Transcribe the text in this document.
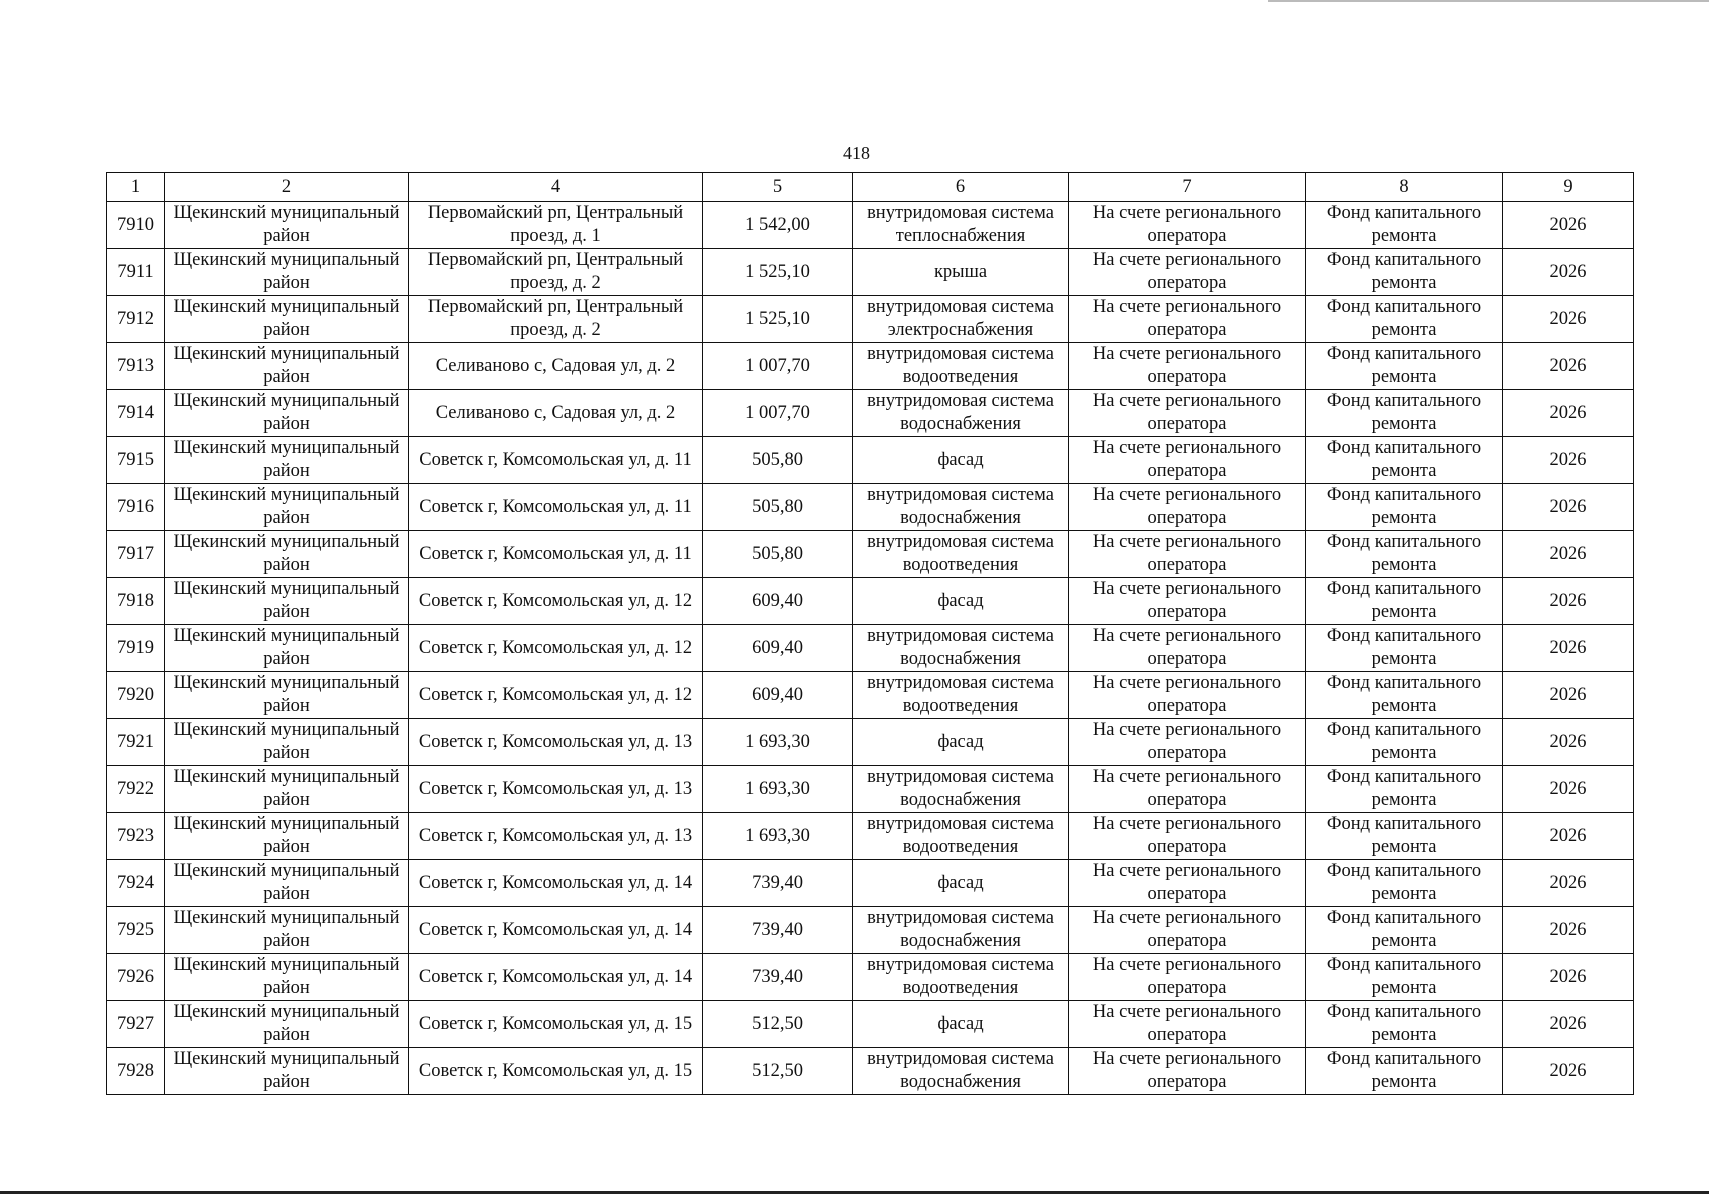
418
1	2	4	5	6	7	8	9
7910	Щекинский муниципальный район	Первомайский рп, Центральный проезд, д. 1	1 542,00	внутридомовая система теплоснабжения	На счете регионального оператора	Фонд капитального ремонта	2026
7911	Щекинский муниципальный район	Первомайский рп, Центральный проезд, д. 2	1 525,10	крыша	На счете регионального оператора	Фонд капитального ремонта	2026
7912	Щекинский муниципальный район	Первомайский рп, Центральный проезд, д. 2	1 525,10	внутридомовая система электроснабжения	На счете регионального оператора	Фонд капитального ремонта	2026
7913	Щекинский муниципальный район	Селиваново с, Садовая ул, д. 2	1 007,70	внутридомовая система водоотведения	На счете регионального оператора	Фонд капитального ремонта	2026
7914	Щекинский муниципальный район	Селиваново с, Садовая ул, д. 2	1 007,70	внутридомовая система водоснабжения	На счете регионального оператора	Фонд капитального ремонта	2026
7915	Щекинский муниципальный район	Советск г, Комсомольская ул, д. 11	505,80	фасад	На счете регионального оператора	Фонд капитального ремонта	2026
7916	Щекинский муниципальный район	Советск г, Комсомольская ул, д. 11	505,80	внутридомовая система водоснабжения	На счете регионального оператора	Фонд капитального ремонта	2026
7917	Щекинский муниципальный район	Советск г, Комсомольская ул, д. 11	505,80	внутридомовая система водоотведения	На счете регионального оператора	Фонд капитального ремонта	2026
7918	Щекинский муниципальный район	Советск г, Комсомольская ул, д. 12	609,40	фасад	На счете регионального оператора	Фонд капитального ремонта	2026
7919	Щекинский муниципальный район	Советск г, Комсомольская ул, д. 12	609,40	внутридомовая система водоснабжения	На счете регионального оператора	Фонд капитального ремонта	2026
7920	Щекинский муниципальный район	Советск г, Комсомольская ул, д. 12	609,40	внутридомовая система водоотведения	На счете регионального оператора	Фонд капитального ремонта	2026
7921	Щекинский муниципальный район	Советск г, Комсомольская ул, д. 13	1 693,30	фасад	На счете регионального оператора	Фонд капитального ремонта	2026
7922	Щекинский муниципальный район	Советск г, Комсомольская ул, д. 13	1 693,30	внутридомовая система водоснабжения	На счете регионального оператора	Фонд капитального ремонта	2026
7923	Щекинский муниципальный район	Советск г, Комсомольская ул, д. 13	1 693,30	внутридомовая система водоотведения	На счете регионального оператора	Фонд капитального ремонта	2026
7924	Щекинский муниципальный район	Советск г, Комсомольская ул, д. 14	739,40	фасад	На счете регионального оператора	Фонд капитального ремонта	2026
7925	Щекинский муниципальный район	Советск г, Комсомольская ул, д. 14	739,40	внутридомовая система водоснабжения	На счете регионального оператора	Фонд капитального ремонта	2026
7926	Щекинский муниципальный район	Советск г, Комсомольская ул, д. 14	739,40	внутридомовая система водоотведения	На счете регионального оператора	Фонд капитального ремонта	2026
7927	Щекинский муниципальный район	Советск г, Комсомольская ул, д. 15	512,50	фасад	На счете регионального оператора	Фонд капитального ремонта	2026
7928	Щекинский муниципальный район	Советск г, Комсомольская ул, д. 15	512,50	внутридомовая система водоснабжения	На счете регионального оператора	Фонд капитального ремонта	2026
